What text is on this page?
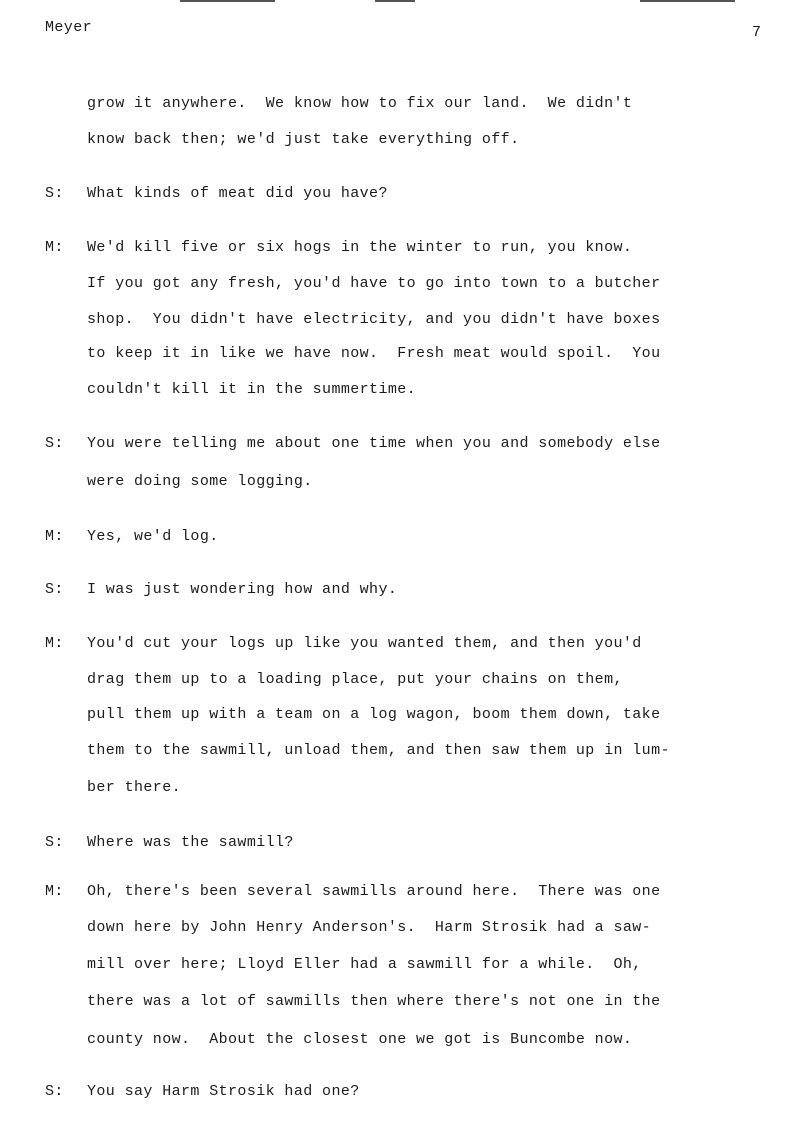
Meyer	7
grow it anywhere.  We know how to fix our land.  We didn't
know back then; we'd just take everything off.
S: What kinds of meat did you have?
M: We'd kill five or six hogs in the winter to run, you know.
If you got any fresh, you'd have to go into town to a butcher
shop.  You didn't have electricity, and you didn't have boxes
to keep it in like we have now.  Fresh meat would spoil.  You
couldn't kill it in the summertime.
S: You were telling me about one time when you and somebody else
were doing some logging.
M: Yes, we'd log.
S: I was just wondering how and why.
M: You'd cut your logs up like you wanted them, and then you'd
drag them up to a loading place, put your chains on them,
pull them up with a team on a log wagon, boom them down, take
them to the sawmill, unload them, and then saw them up in lum-
ber there.
S: Where was the sawmill?
M: Oh, there's been several sawmills around here.  There was one
down here by John Henry Anderson's.  Harm Strosik had a saw-
mill over here; Lloyd Eller had a sawmill for a while.  Oh,
there was a lot of sawmills then where there's not one in the
county now.  About the closest one we got is Buncombe now.
S: You say Harm Strosik had one?
